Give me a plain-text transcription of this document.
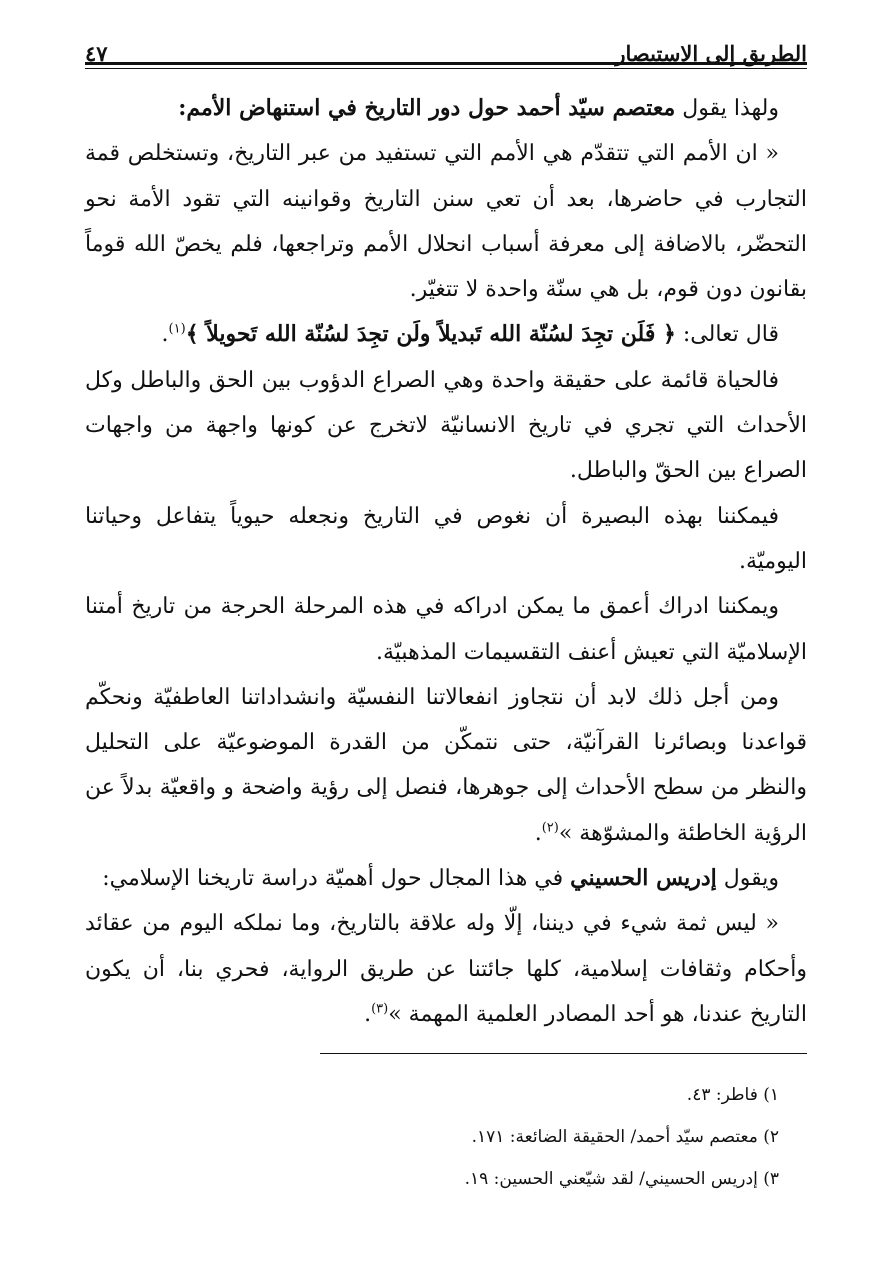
الطريق إلى الاستبصار
٤٧

ولهذا يقول معتصم سيّد أحمد حول دور التاريخ في استنهاض الأمم:

« ان الأمم التي تتقدّم هي الأمم التي تستفيد من عبر التاريخ، وتستخلص قمة التجارب في حاضرها، بعد أن تعي سنن التاريخ وقوانينه التي تقود الأمة نحو التحضّر، بالاضافة إلى معرفة أسباب انحلال الأمم وتراجعها، فلم يخصّ الله قوماً بقانون دون قوم، بل هي سنّة واحدة لا تتغيّر.

قال تعالى: ﴿ فَلَن تجِدَ لسُنّة الله تَبديلاً ولَن تجِدَ لسُنّة الله تَحويلاً ﴾$^{(١)}$.

فالحياة قائمة على حقيقة واحدة وهي الصراع الدؤوب بين الحق والباطل وكل الأحداث التي تجري في تاريخ الانسانيّة لاتخرج عن كونها واجهة من واجهات الصراع بين الحقّ والباطل.

فيمكننا بهذه البصيرة أن نغوص في التاريخ ونجعله حيوياً يتفاعل وحياتنا اليوميّة.

ويمكننا ادراك أعمق ما يمكن ادراكه في هذه المرحلة الحرجة من تاريخ أمتنا الإسلاميّة التي تعيش أعنف التقسيمات المذهبيّة.

ومن أجل ذلك لابد أن نتجاوز انفعالاتنا النفسيّة وانشداداتنا العاطفيّة ونحكّم قواعدنا وبصائرنا القرآنيّة، حتى نتمكّن من القدرة الموضوعيّة على التحليل والنظر من سطح الأحداث إلى جوهرها، فنصل إلى رؤية واضحة و واقعيّة بدلاً عن الرؤية الخاطئة والمشوّهة »$^{(٢)}$.

ويقول إدريس الحسيني في هذا المجال حول أهميّة دراسة تاريخنا الإسلامي:

« ليس ثمة شيء في ديننا، إلّا وله علاقة بالتاريخ، وما نملكه اليوم من عقائد وأحكام وثقافات إسلامية، كلها جائتنا عن طريق الرواية، فحري بنا، أن يكون التاريخ عندنا، هو أحد المصادر العلمية المهمة »$^{(٣)}$.

١) فاطر: ٤٣.

٢) معتصم سيّد أحمد/ الحقيقة الضائعة: ١٧١.

٣) إدريس الحسيني/ لقد شيّعني الحسين: ١٩.
